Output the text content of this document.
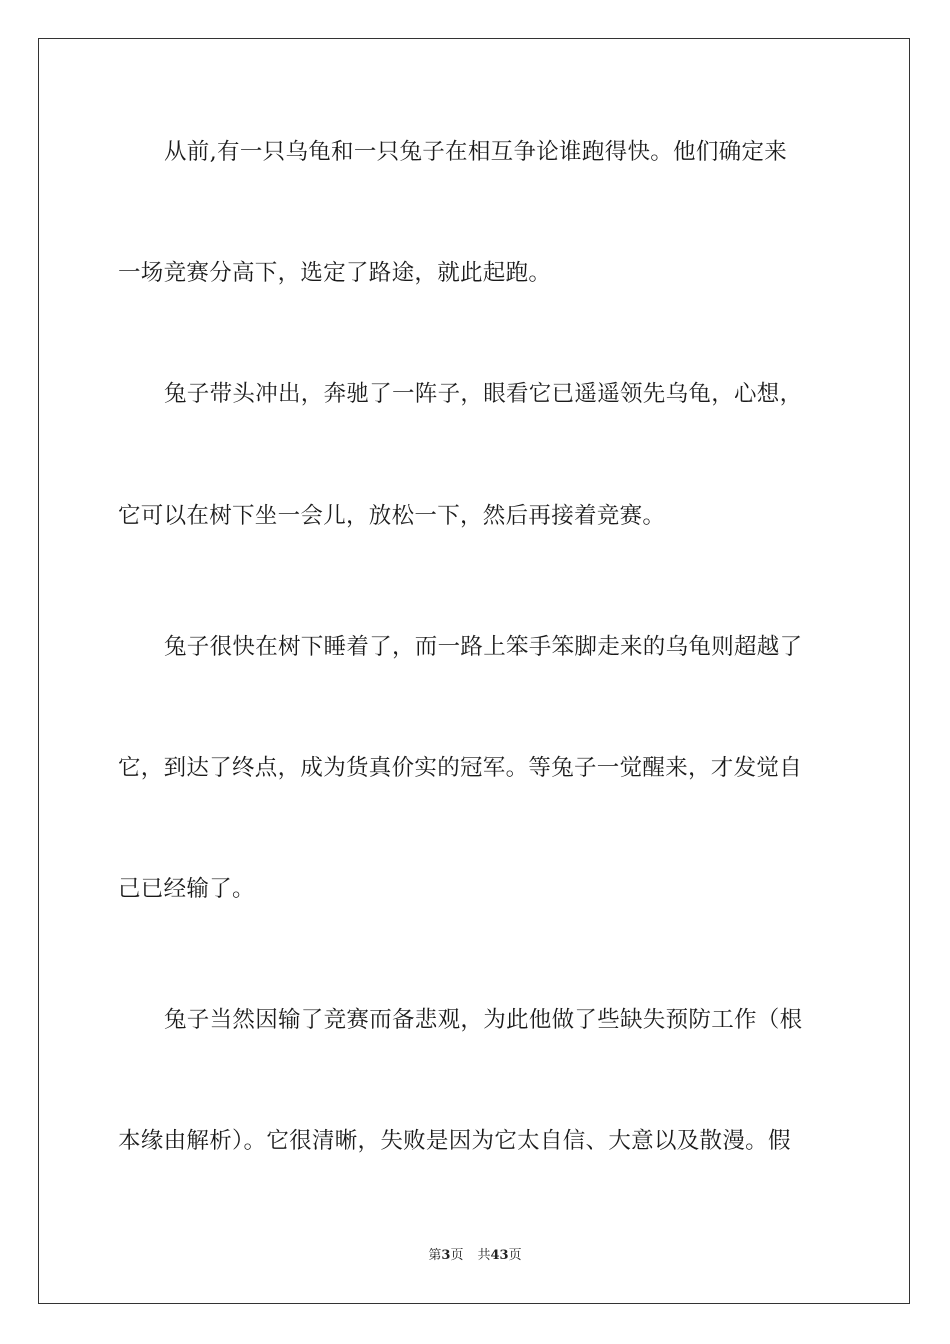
从前,有一只乌龟和一只兔子在相互争论谁跑得快。他们确定来
一场竞赛分高下，选定了路途，就此起跑。
兔子带头冲出，奔驰了一阵子，眼看它已遥遥领先乌龟，心想，
它可以在树下坐一会儿，放松一下，然后再接着竞赛。
兔子很快在树下睡着了，而一路上笨手笨脚走来的乌龟则超越了
它，到达了终点，成为货真价实的冠军。等兔子一觉醒来，才发觉自
己已经输了。
兔子当然因输了竞赛而备悲观，为此他做了些缺失预防工作（根
本缘由解析）。它很清晰，失败是因为它太自信、大意以及散漫。假
第3页 共43页
